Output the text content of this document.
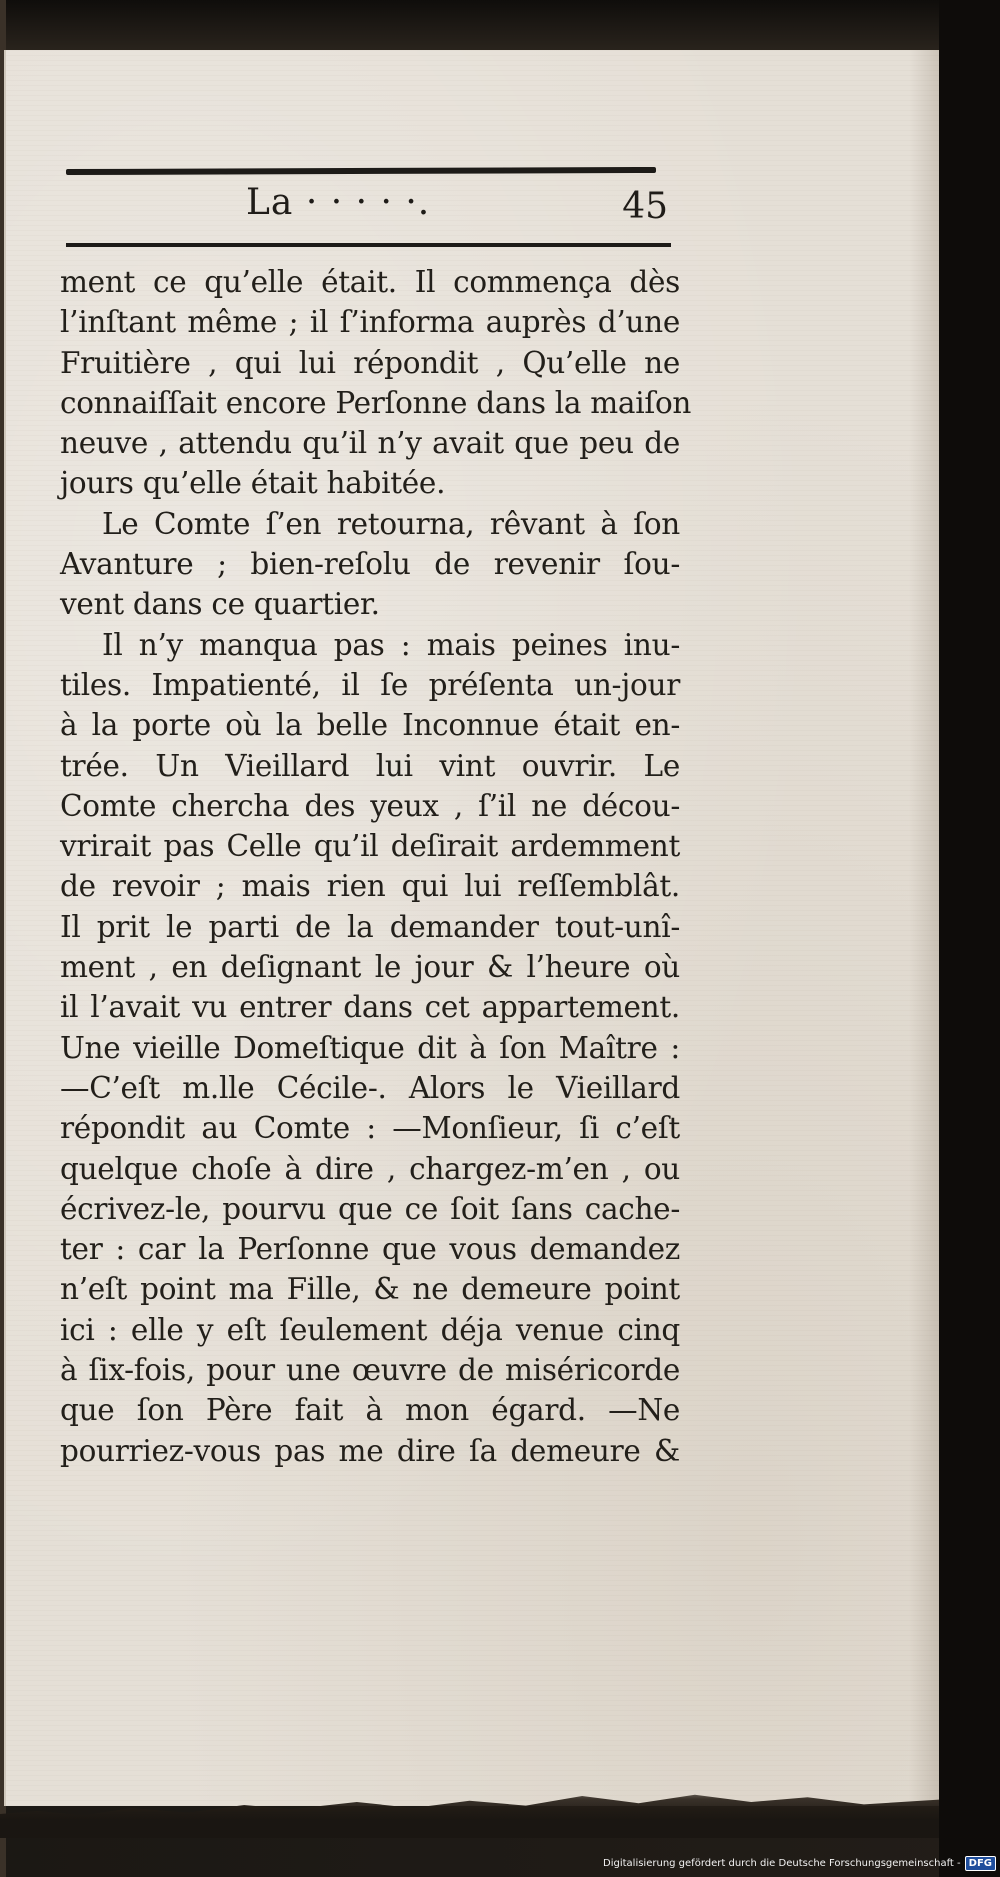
La · · · · ·.	45
ment ce qu’elle était. Il commença dès
l’inſtant même ; il ſ’informa auprès d’une
Fruitière , qui lui répondit , Qu’elle ne
connaiſſait encore Perſonne dans la maiſon
neuve , attendu qu’il n’y avait que peu de
jours qu’elle était habitée.
Le Comte ſ’en retourna, rêvant à ſon
Avanture ; bien-reſolu de revenir ſou-
vent dans ce quartier.
Il n’y manqua pas : mais peines inu-
tiles. Impatienté, il ſe préſenta un-jour
à la porte où la belle Inconnue était en-
trée. Un Vieillard lui vint ouvrir. Le
Comte chercha des yeux , ſ’il ne décou-
vrirait pas Celle qu’il deſirait ardemment
de revoir ; mais rien qui lui reſſemblât.
Il prit le parti de la demander tout-unî-
ment , en deſignant le jour & l’heure où
il l’avait vu entrer dans cet appartement.
Une vieille Domeſtique dit à ſon Maître :
—C’eſt m.lle Cécile-. Alors le Vieillard
répondit au Comte : —Monſieur, ſi c’eſt
quelque choſe à dire , chargez-m’en , ou
écrivez-le, pourvu que ce ſoit ſans cache-
ter : car la Perſonne que vous demandez
n’eſt point ma Fille, & ne demeure point
ici : elle y eſt ſeulement déja venue cinq
à ſix-fois, pour une œuvre de miséricorde
que ſon Père fait à mon égard. —Ne
pourriez-vous pas me dire ſa demeure &
Digitalisierung gefördert durch die Deutsche Forschungsgemeinschaft - DFG
